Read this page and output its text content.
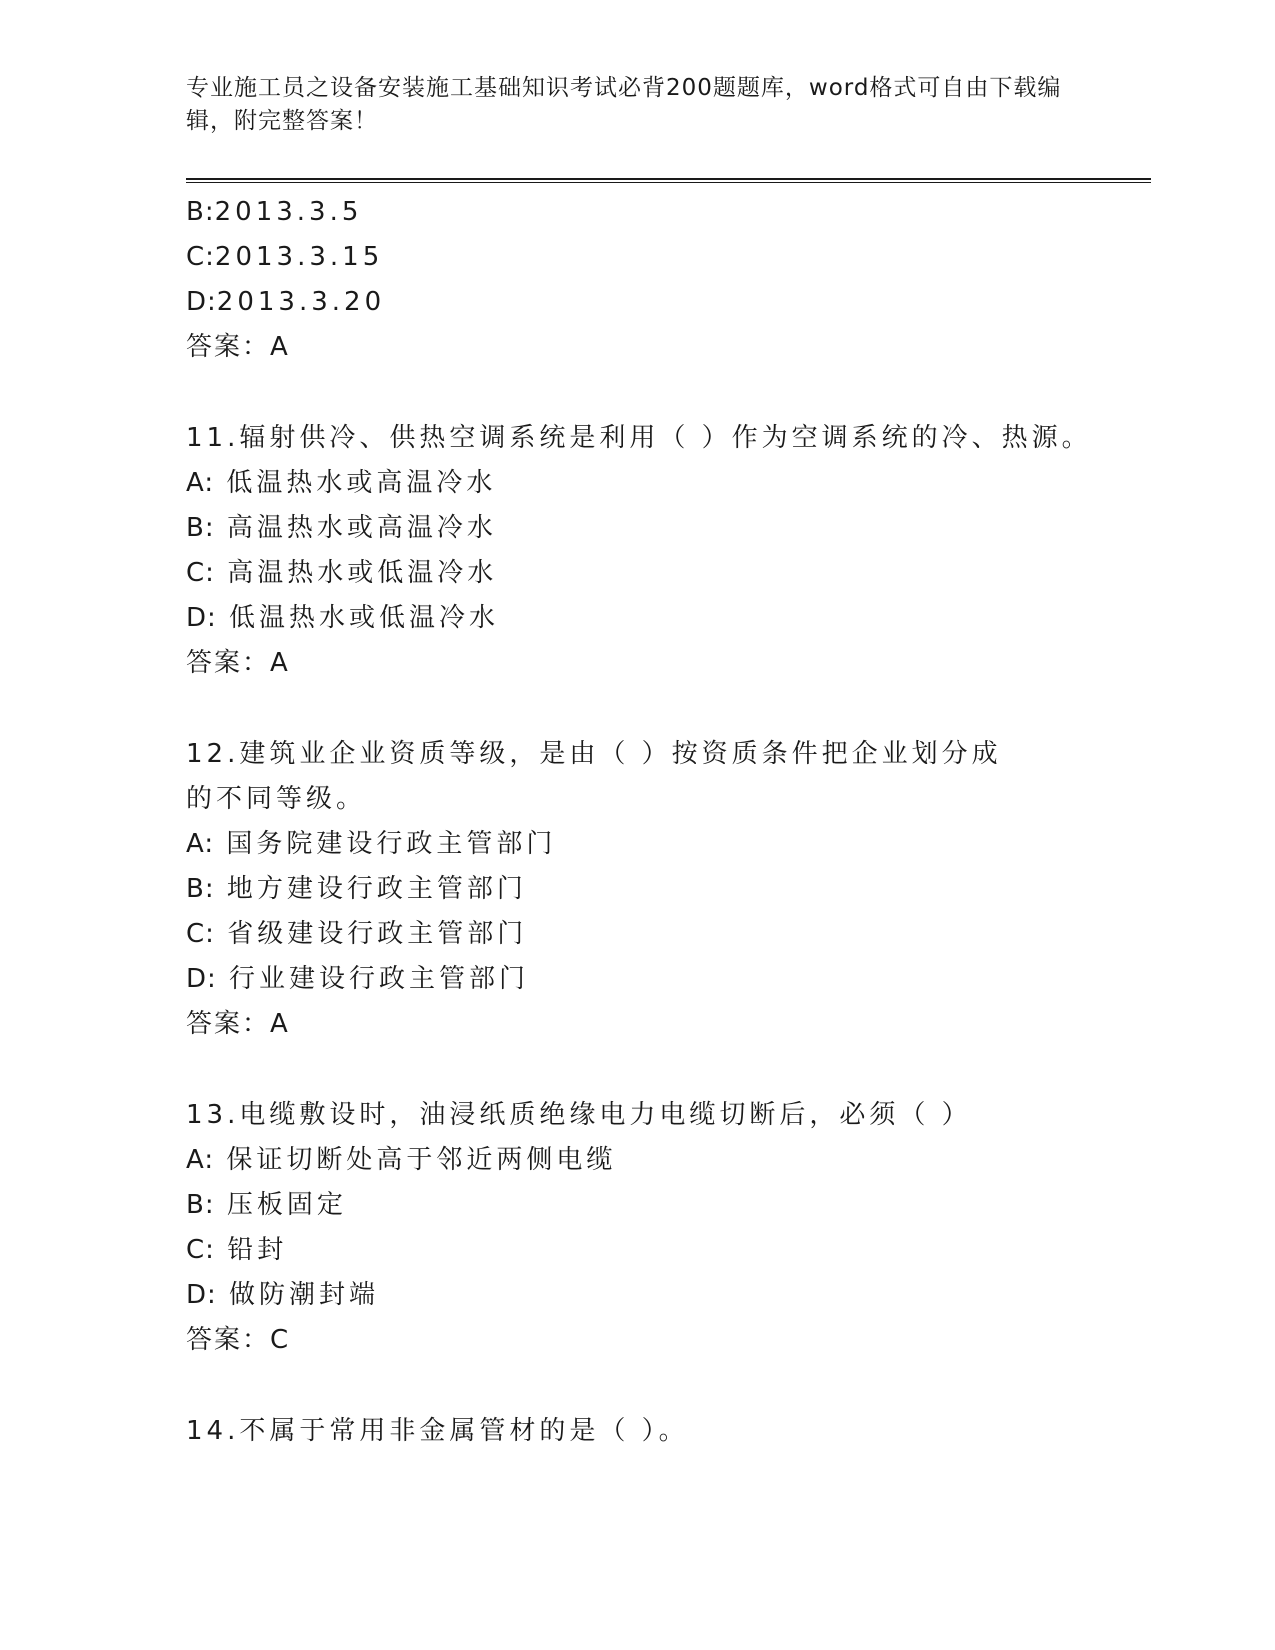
专业施工员之设备安装施工基础知识考试必背200题题库，word格式可自由下载编辑，附完整答案！
B:2013.3.5
C:2013.3.15
D:2013.3.20
答案：A
11.辐射供冷、供热空调系统是利用（ ）作为空调系统的冷、热源。
A: 低温热水或高温冷水
B: 高温热水或高温冷水
C: 高温热水或低温冷水
D: 低温热水或低温冷水
答案：A
12.建筑业企业资质等级，是由（ ）按资质条件把企业划分成的不同等级。
A: 国务院建设行政主管部门
B: 地方建设行政主管部门
C: 省级建设行政主管部门
D: 行业建设行政主管部门
答案：A
13.电缆敷设时，油浸纸质绝缘电力电缆切断后，必须（ ）
A: 保证切断处高于邻近两侧电缆
B: 压板固定
C: 铅封
D: 做防潮封端
答案：C
14.不属于常用非金属管材的是（ ）。
